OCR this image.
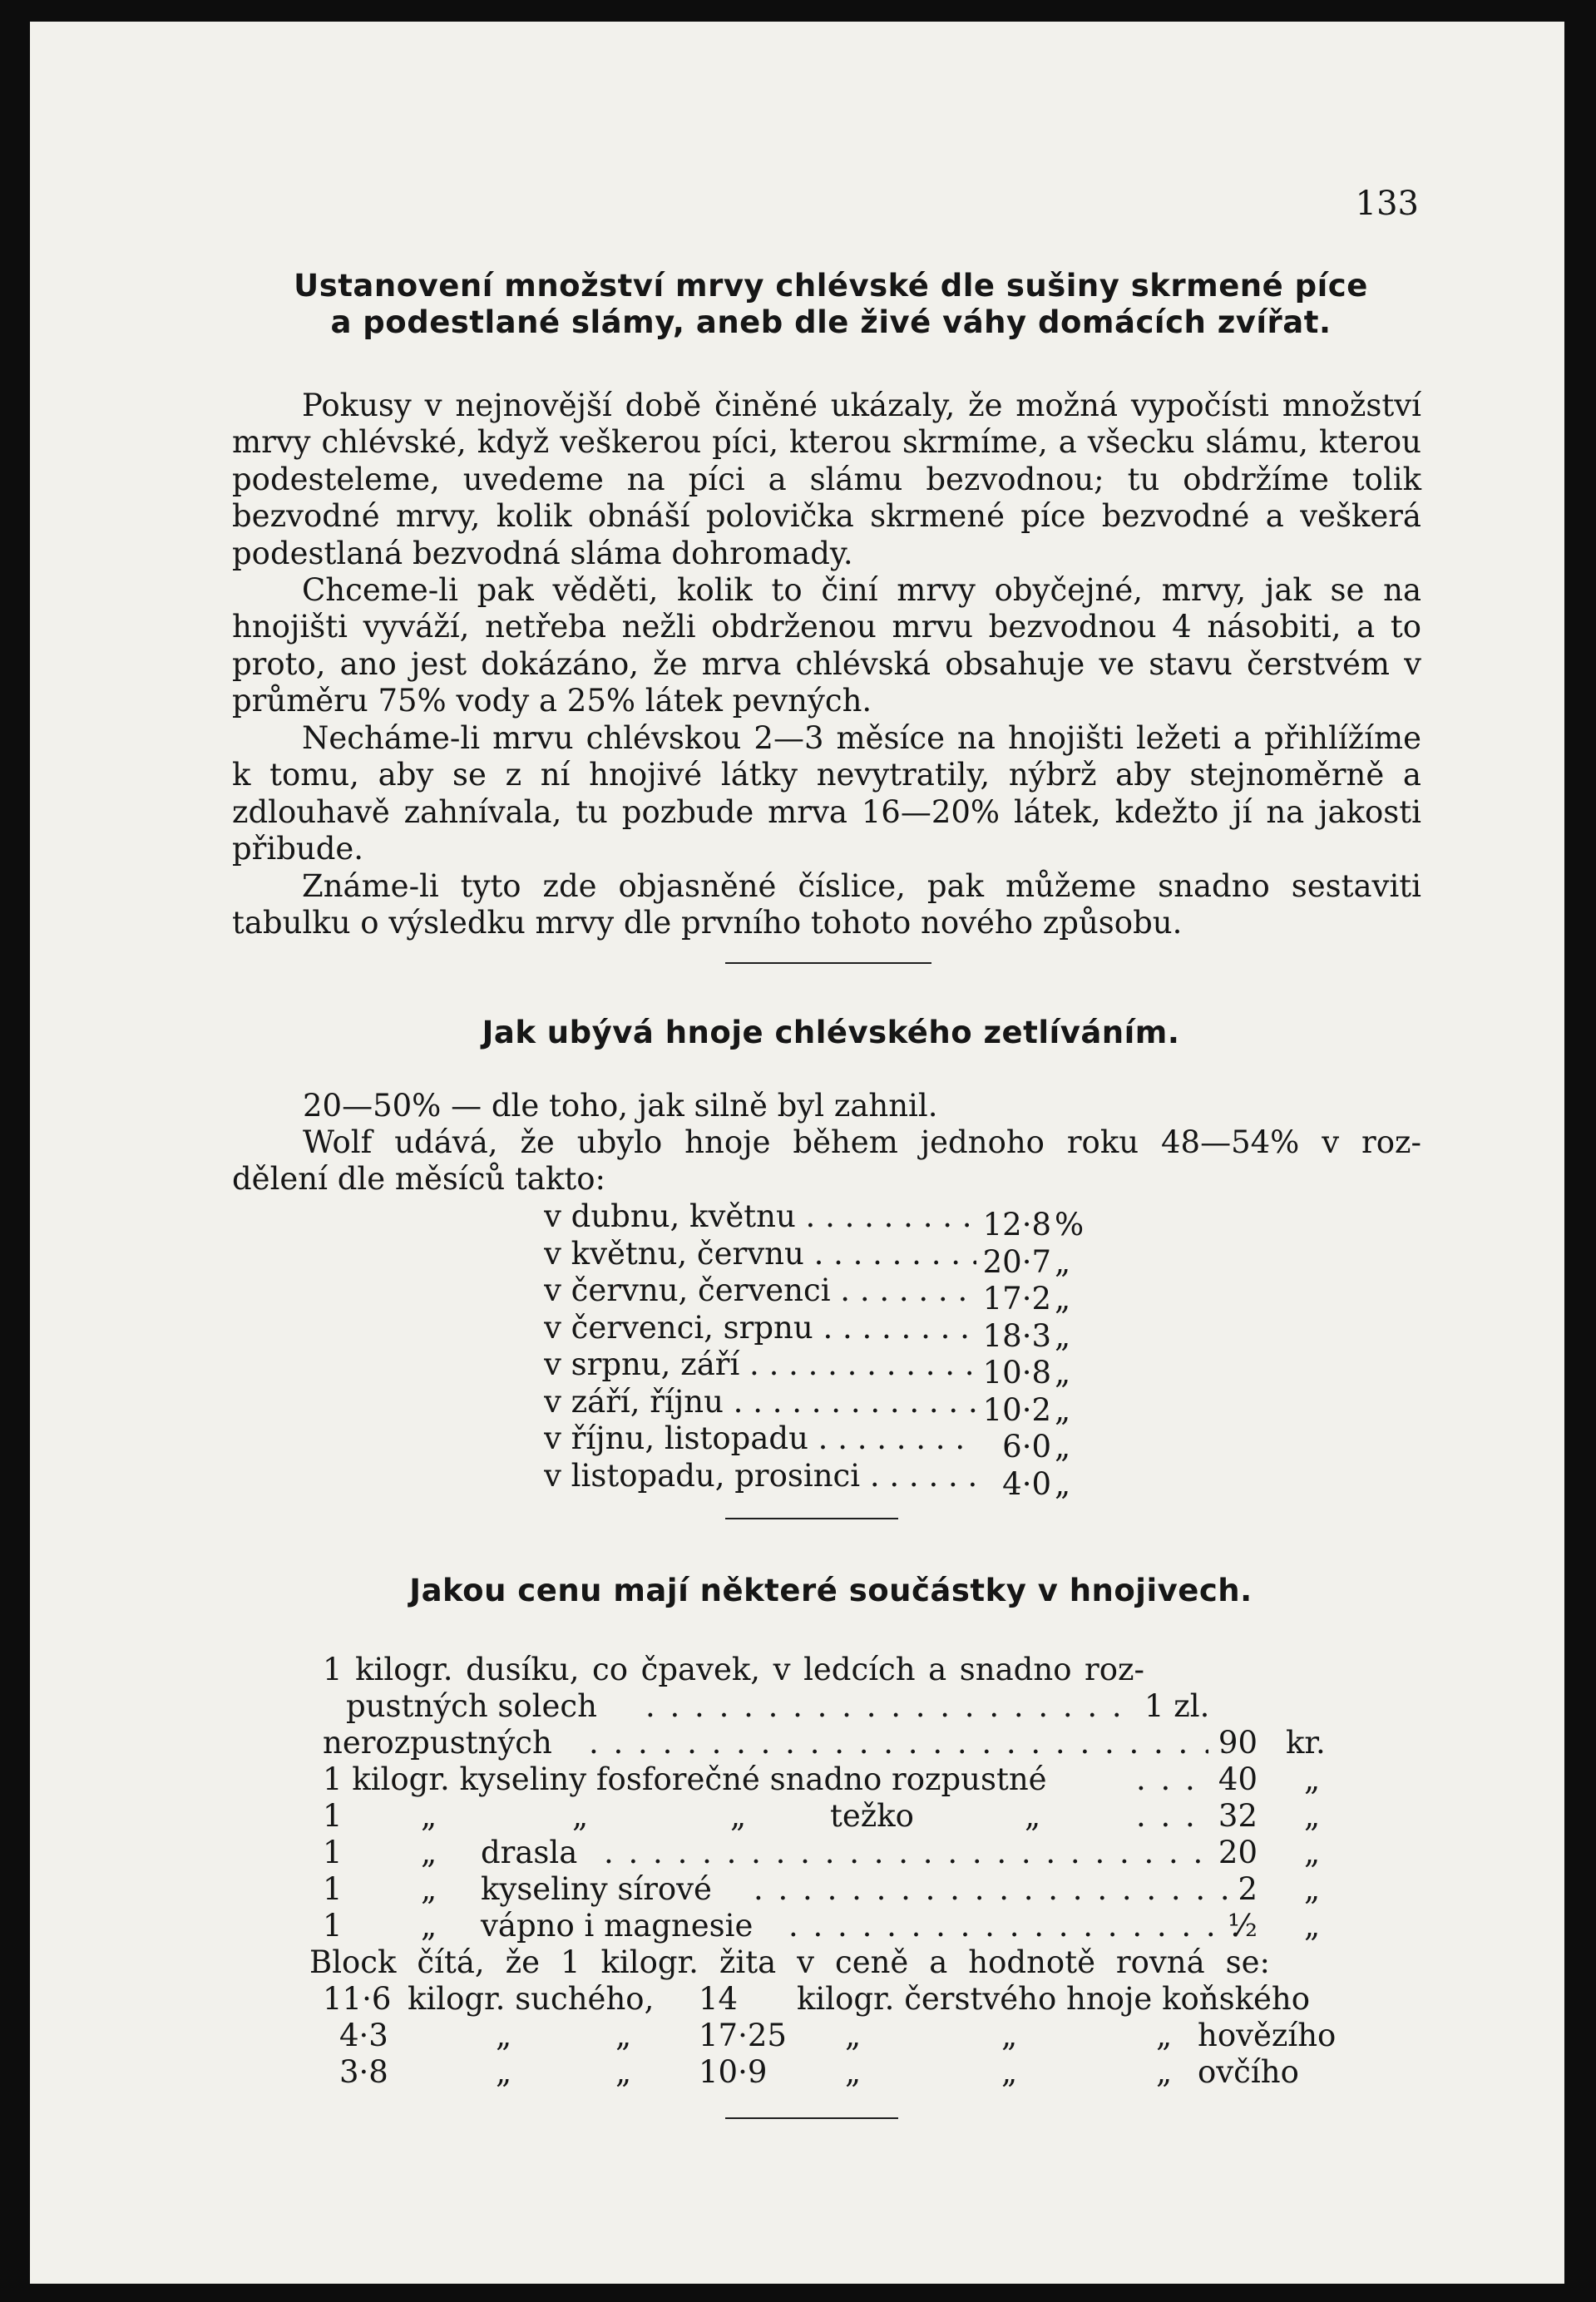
133
Ustanovení množství mrvy chlévské dle sušiny skrmené píce
a podestlané slámy, aneb dle živé váhy domácích zvířat.

Pokusy v nejnovější době činěné ukázaly, že možná vypočísti množství mrvy chlévské, když veškerou píci, kterou skrmíme, a všecku slámu, kterou podesteleme, uvedeme na píci a slámu bezvodnou; tu obdržíme tolik bezvodné mrvy, kolik obnáší polovička skrmené píce bezvodné a veškerá podestlaná bezvodná sláma dohromady.

Chceme-li pak věděti, kolik to činí mrvy obyčejné, mrvy, jak se na hnojišti vyváží, netřeba nežli obdrženou mrvu bezvodnou 4 násobiti, a to proto, ano jest dokázáno, že mrva chlévská obsahuje ve stavu čerstvém v průměru 75% vody a 25% látek pevných.

Necháme-li mrvu chlévskou 2—3 měsíce na hnojišti ležeti a přihlížíme k tomu, aby se z ní hnojivé látky nevytratily, nýbrž aby stejnoměrně a zdlouhavě zahnívala, tu pozbude mrva 16—20% látek, kdežto jí na jakosti přibude.

Známe-li tyto zde objasněné číslice, pak můžeme snadno sestaviti tabulku o výsledku mrvy dle prvního tohoto nového způsobu.

Jak ubývá hnoje chlévského zetlíváním.
20—50% — dle toho, jak silně byl zahnil.
Wolf udává, že ubylo hnoje během jednoho roku 48—54% v roz-
dělení dle měsíců takto:
v dubnu, květnu . . .	12·8 %
v květnu, červnu . . .	20·7 „
v červnu, červenci . . .	17·2 „
v červenci, srpnu . . .	18·3 „
v srpnu, září . . .	10·8 „
v září, říjnu . . .	10·2 „
v říjnu, listopadu . . .	6·0 „
v listopadu, prosinci . . .	4·0 „
Jakou cenu mají některé součástky v hnojivech.
1 kilogr. dusíku, co čpavek, v ledcích a snadno roz-
pustných solech . . .	1 zl.
nerozpustných . . .	90 kr.
1 kilogr. kyseliny fosforečné snadno rozpustné . . .	40 „
1	„	„	„	težko	„ . . .	32 „
1	„ drasla . . .	20 „
1	„ kyseliny sírové . . .	2 „
1	„ vápno i magnesie . . .	½ „
Block čítá, že 1 kilogr. žita v ceně a hodnotě rovná se:
11·6 kilogr. suchého, 14 kilogr. čerstvého hnoje koňského
4·3	„	„ 17·25 „	„	„ hovězího
3·8	„	„ 10·9	„	„	„ ovčího
